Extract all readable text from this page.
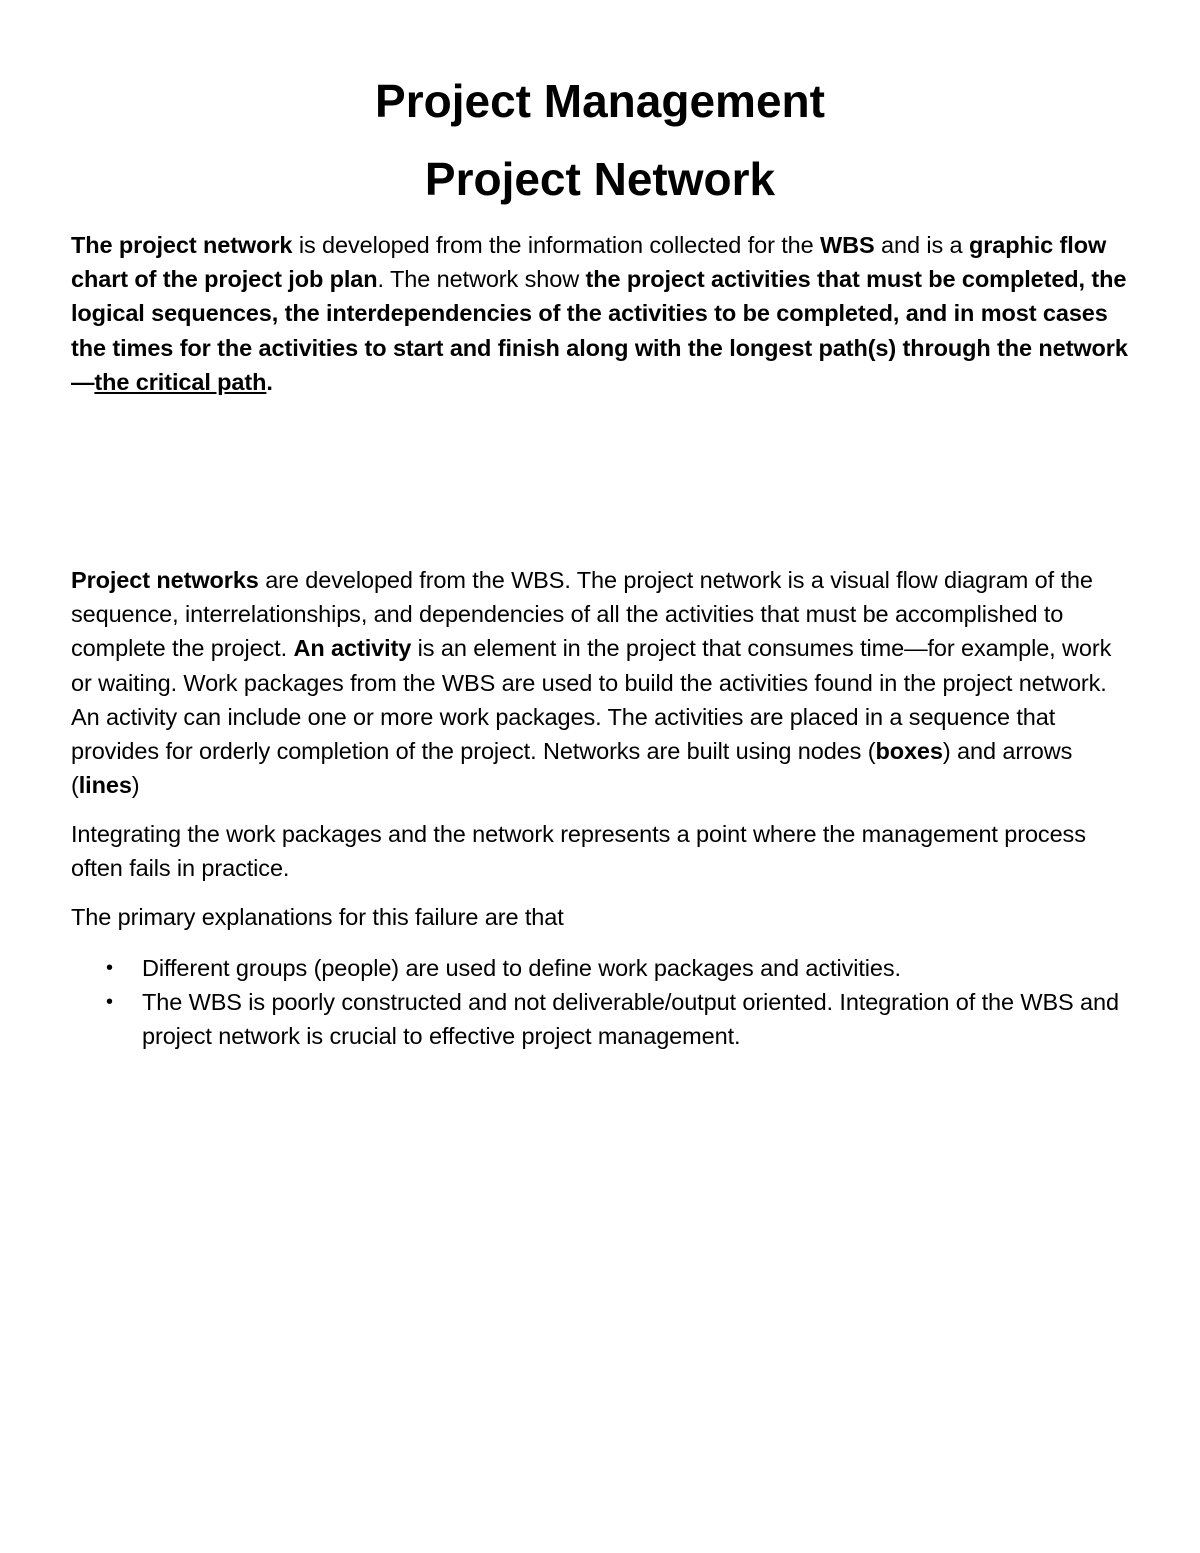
Project Management
Project Network

The project network is developed from the information collected for the WBS and is a graphic flow chart of the project job plan. The network show the project activities that must be completed, the logical sequences, the interdependencies of the activities to be completed, and in most cases the times for the activities to start and finish along with the longest path(s) through the network—the critical path.

Project networks are developed from the WBS. The project network is a visual flow diagram of the sequence, interrelationships, and dependencies of all the activities that must be accomplished to complete the project. An activity is an element in the project that consumes time—for example, work or waiting. Work packages from the WBS are used to build the activities found in the project network. An activity can include one or more work packages. The activities are placed in a sequence that provides for orderly completion of the project. Networks are built using nodes (boxes) and arrows (lines)

Integrating the work packages and the network represents a point where the management process often fails in practice.

The primary explanations for this failure are that

• Different groups (people) are used to define work packages and activities.
• The WBS is poorly constructed and not deliverable/output oriented. Integration of the WBS and project network is crucial to effective project management.
